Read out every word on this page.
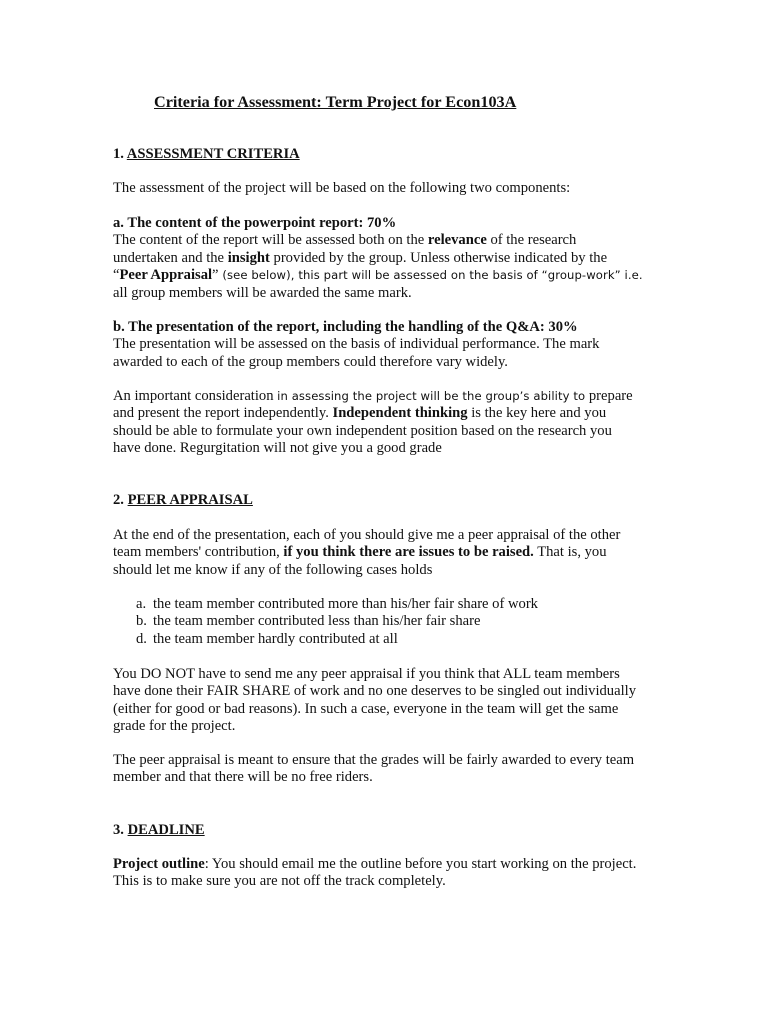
Criteria for Assessment: Term Project for Econ103A
1. ASSESSMENT CRITERIA
The assessment of the project will be based on the following two components:
a. The content of the powerpoint report: 70%
The content of the report will be assessed both on the relevance of the research
undertaken and the insight provided by the group. Unless otherwise indicated by the
“Peer Appraisal” (see below), this part will be assessed on the basis of “group-work” i.e.
all group members will be awarded the same mark.
b. The presentation of the report, including the handling of the Q&A: 30%
The presentation will be assessed on the basis of individual performance. The mark
awarded to each of the group members could therefore vary widely.
An important consideration in assessing the project will be the group’s ability to prepare
and present the report independently. Independent thinking is the key here and you
should be able to formulate your own independent position based on the research you
have done. Regurgitation will not give you a good grade
2. PEER APPRAISAL
At the end of the presentation, each of you should give me a peer appraisal of the other
team members' contribution, if you think there are issues to be raised. That is, you
should let me know if any of the following cases holds
a. the team member contributed more than his/her fair share of work
b. the team member contributed less than his/her fair share
d. the team member hardly contributed at all
You DO NOT have to send me any peer appraisal if you think that ALL team members
have done their FAIR SHARE of work and no one deserves to be singled out individually
(either for good or bad reasons). In such a case, everyone in the team will get the same
grade for the project.
The peer appraisal is meant to ensure that the grades will be fairly awarded to every team
member and that there will be no free riders.
3. DEADLINE
Project outline: You should email me the outline before you start working on the project.
This is to make sure you are not off the track completely.
